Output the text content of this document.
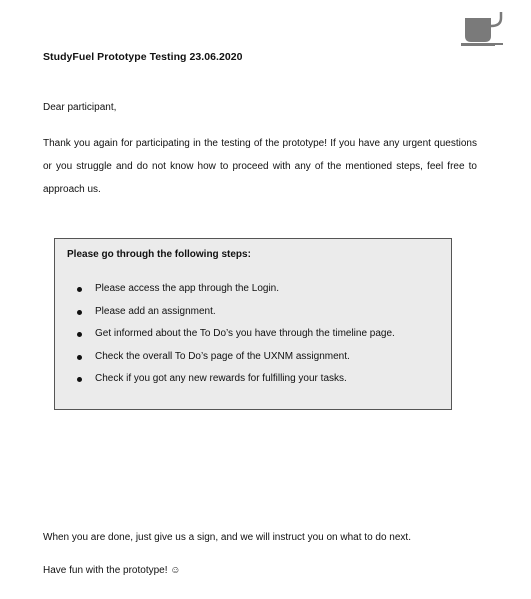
StudyFuel Prototype Testing 23.06.2020
Dear participant,

Thank you again for participating in the testing of the prototype! If you have any urgent questions or you struggle and do not know how to proceed with any of the mentioned steps, feel free to approach us.

Please go through the following steps:
Please access the app through the Login.
Please add an assignment.
Get informed about the To Do’s you have through the timeline page.
Check the overall To Do’s page of the UXNM assignment.
Check if you got any new rewards for fulfilling your tasks.
When you are done, just give us a sign, and we will instruct you on what to do next.
Have fun with the prototype! ☺
